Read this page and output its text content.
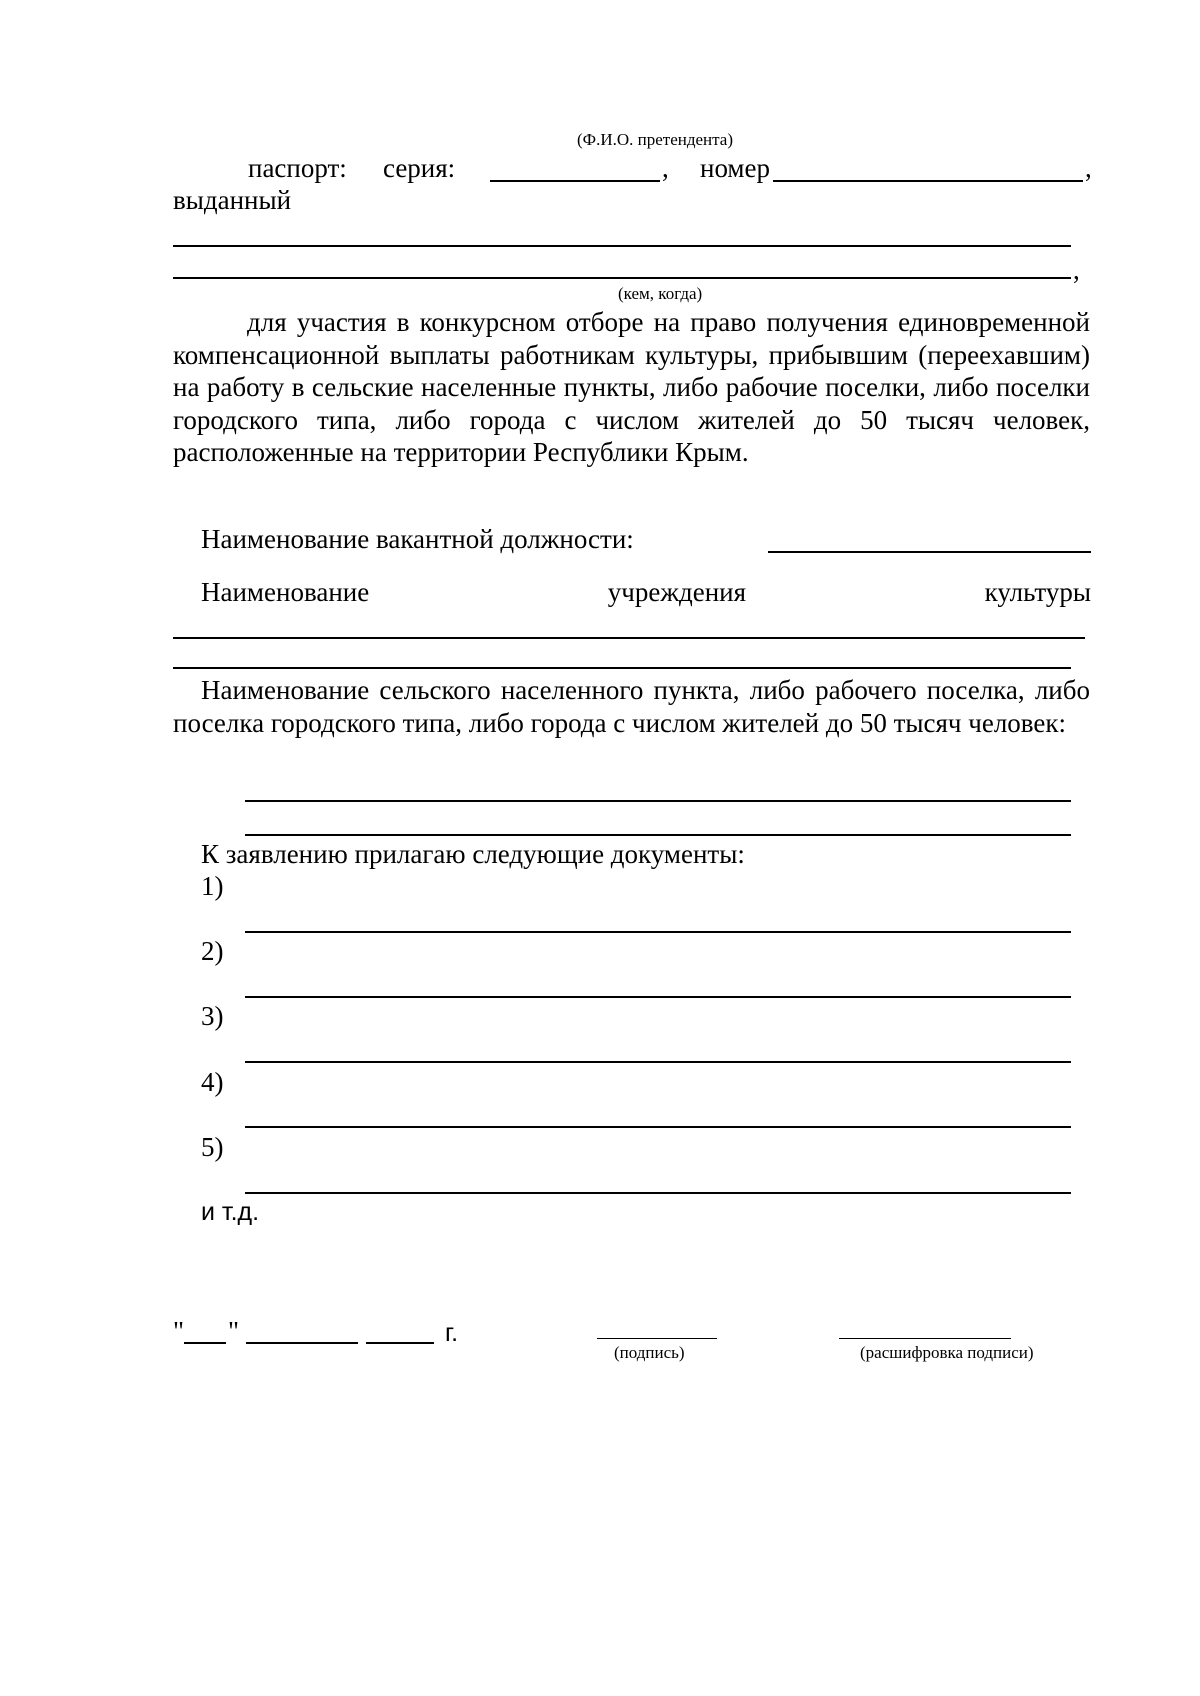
(Ф.И.О. претендента)
паспорт: серия:	, номер	,
выданный
,
(кем, когда)

для участия в конкурсном отборе на право получения единовременной компенсационной выплаты работникам культуры, прибывшим (переехавшим) на работу в сельские населенные пункты, либо рабочие поселки, либо поселки городского типа, либо города с числом жителей до 50 тысяч человек, расположенные на территории Республики Крым.

Наименование вакантной должности:
Наименование	учреждения	культуры

Наименование сельского населенного пункта, либо рабочего поселка, либо поселка городского типа, либо города с числом жителей до 50 тысяч человек:

К заявлению прилагаю следующие документы:
1)
2)
3)
4)
5)
и т.д.
" "	г.
(подпись)	(расшифровка подписи)
